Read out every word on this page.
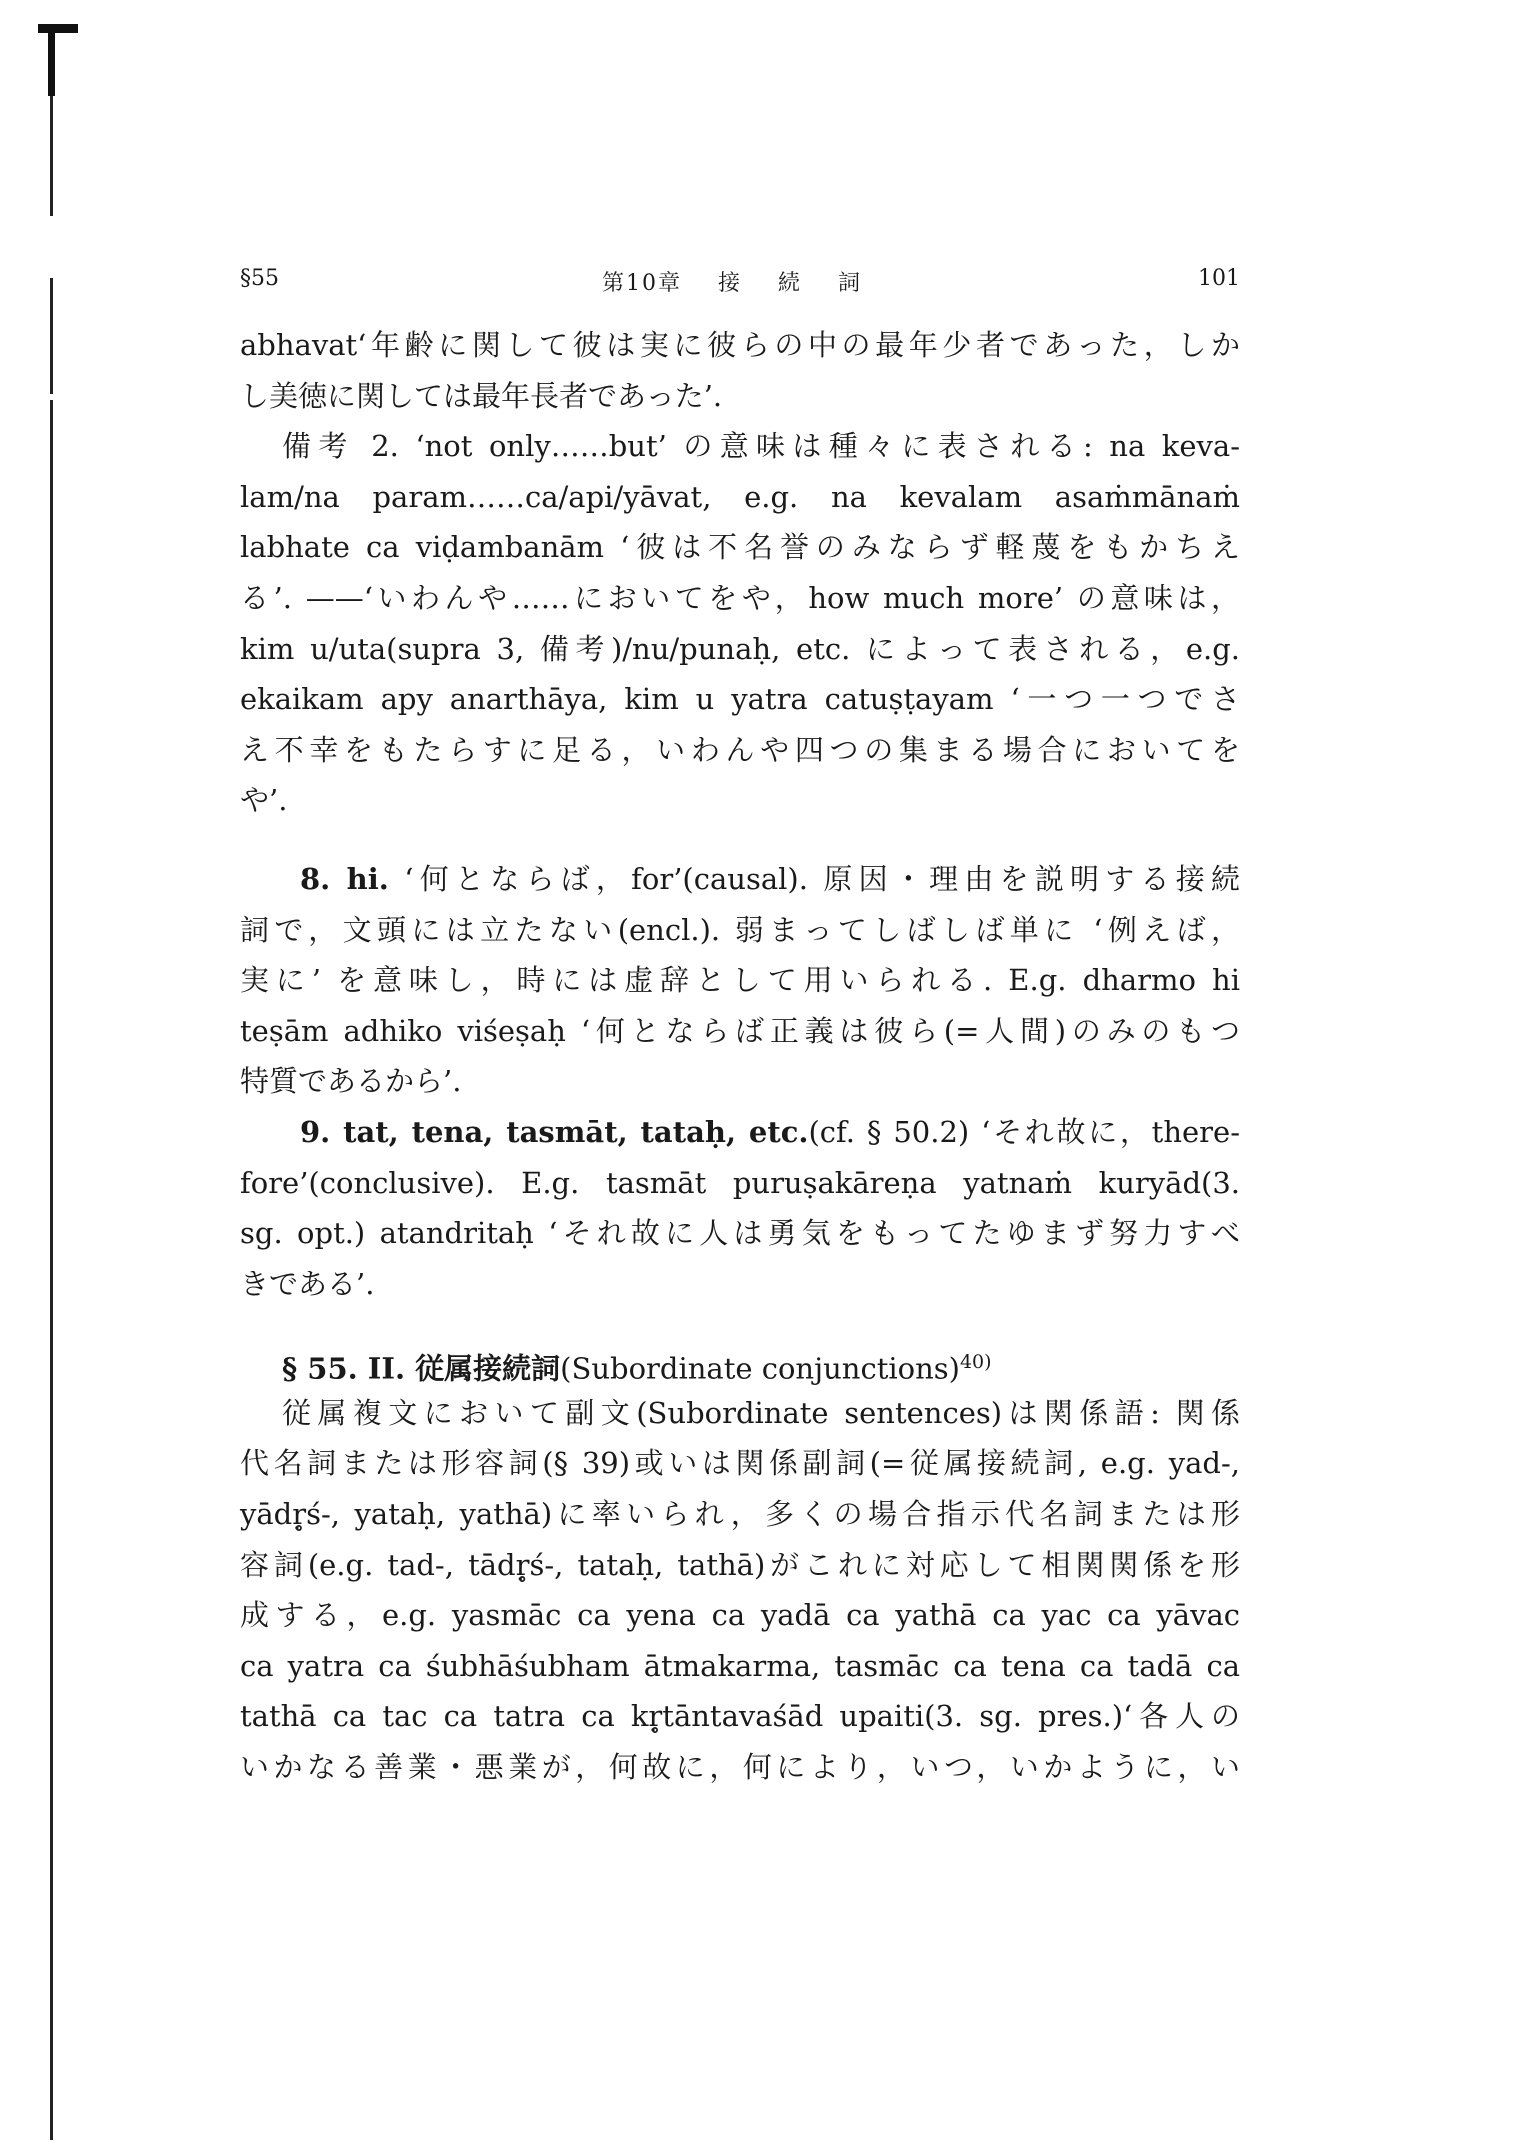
§55	第10章 接 続 詞	101
abhavat‘年齢に関して彼は実に彼らの中の最年少者であった，しか
し美徳に関しては最年長者であった’.
備考 2. ‘not only……but’ の意味は種々に表される: na keva-
lam/na param……ca/api/yāvat, e.g. na kevalam asaṁmānaṁ
labhate ca viḍambanām ‘彼は不名誉のみならず軽蔑をもかちえ
る’. ——‘いわんや……においてをや，how much more’ の意味は，
kim u/uta(supra 3, 備考)/nu/punaḥ, etc. によって表される，e.g.
ekaikam apy anarthāya, kim u yatra catuṣṭayam ‘一つ一つでさ
え不幸をもたらすに足る，いわんや四つの集まる場合においてを
や’.
8. hi. ‘何とならば，for’(causal). 原因・理由を説明する接続
詞で，文頭には立たない(encl.). 弱まってしばしば単に ‘例えば，
実に’ を意味し，時には虚辞として用いられる. E.g. dharmo hi
teṣām adhiko viśeṣaḥ ‘何とならば正義は彼ら(=人間)のみのもつ
特質であるから’.
9. tat, tena, tasmāt, tataḥ, etc.(cf. § 50.2) ‘それ故に，there-
fore’(conclusive). E.g. tasmāt puruṣakāreṇa yatnaṁ kuryād(3.
sg. opt.) atandritaḥ ‘それ故に人は勇気をもってたゆまず努力すべ
きである’.
§ 55. II. 従属接続詞(Subordinate conjunctions)$^{40)}$
従属複文において副文(Subordinate sentences)は関係語: 関係
代名詞または形容詞(§ 39)或いは関係副詞(=従属接続詞, e.g. yad-,
yādṛ̥ś-, yataḥ, yathā)に率いられ，多くの場合指示代名詞または形
容詞(e.g. tad-, tādṛ̥ś-, tataḥ, tathā)がこれに対応して相関関係を形
成する，e.g. yasmāc ca yena ca yadā ca yathā ca yac ca yāvac
ca yatra ca śubhāśubham ātmakarma, tasmāc ca tena ca tadā ca
tathā ca tac ca tatra ca kṛ̥tāntavaśād upaiti(3. sg. pres.)‘各人の
いかなる善業・悪業が，何故に，何により，いつ，いかように，い
